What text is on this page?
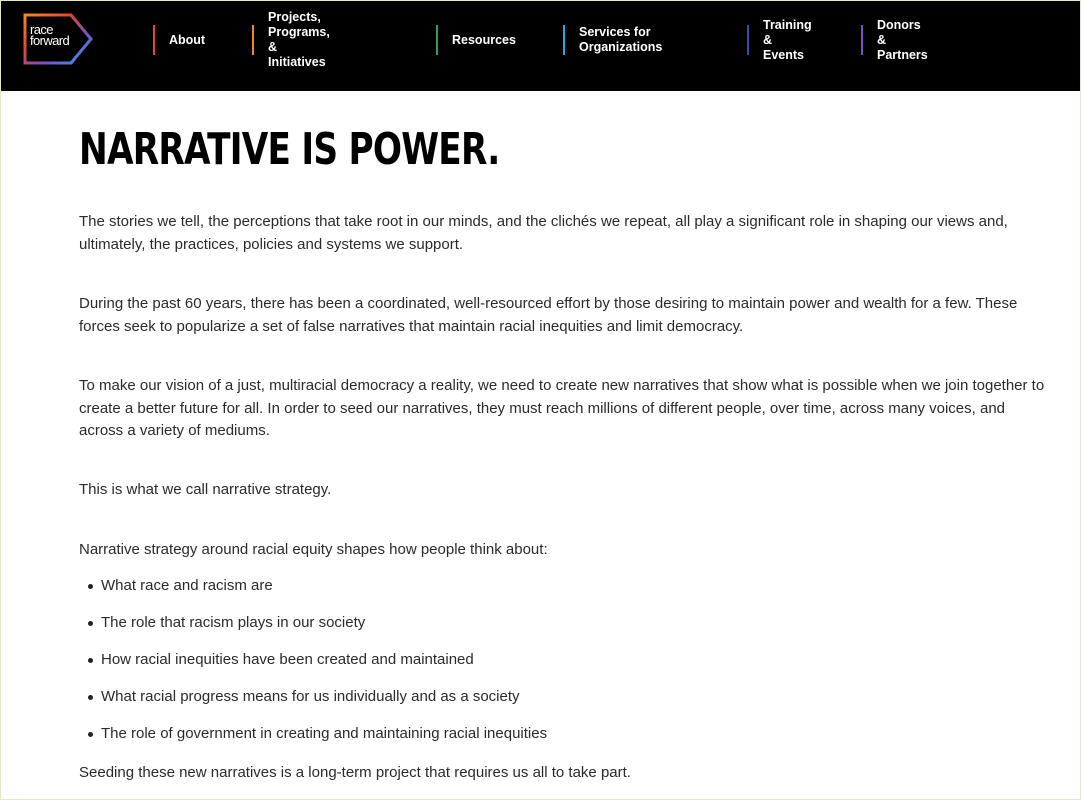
race
forward	About
Projects, Programs,
& Initiatives
Resources
Services for
Organizations
Training
& Events
Donors & Partners
NARRATIVE IS POWER.

The stories we tell, the perceptions that take root in our minds, and the clichés we repeat, all play a significant role in shaping our views and, ultimately, the practices, policies and systems we support.

During the past 60 years, there has been a coordinated, well-resourced effort by those desiring to maintain power and wealth for a few. These forces seek to popularize a set of false narratives that maintain racial inequities and limit democracy.

To make our vision of a just, multiracial democracy a reality, we need to create new narratives that show what is possible when we join together to create a better future for all. In order to seed our narratives, they must reach millions of different people, over time, across many voices, and across a variety of mediums.

This is what we call narrative strategy.

Narrative strategy around racial equity shapes how people think about:

What race and racism are
The role that racism plays in our society
How racial inequities have been created and maintained
What racial progress means for us individually and as a society
The role of government in creating and maintaining racial inequities

Seeding these new narratives is a long-term project that requires us all to take part.
